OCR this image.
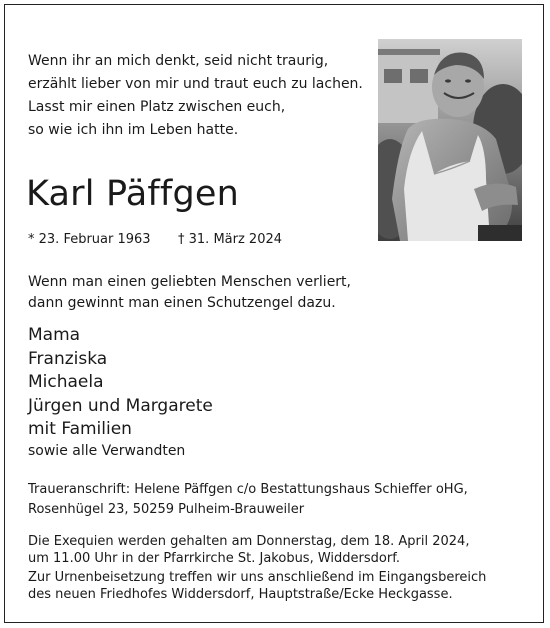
Wenn ihr an mich denkt, seid nicht traurig,
erzählt lieber von mir und traut euch zu lachen.
Lasst mir einen Platz zwischen euch,
so wie ich ihn im Leben hatte.
Karl Päffgen
* 23. Februar 1963 † 31. März 2024
Wenn man einen geliebten Menschen verliert,
dann gewinnt man einen Schutzengel dazu.
Mama
Franziska
Michaela
Jürgen und Margarete
mit Familien
sowie alle Verwandten
Traueranschrift: Helene Päffgen c/o Bestattungshaus Schieffer oHG,
Rosenhügel 23, 50259 Pulheim-Brauweiler
Die Exequien werden gehalten am Donnerstag, dem 18. April 2024,
um 11.00 Uhr in der Pfarrkirche St. Jakobus, Widdersdorf.
Zur Urnenbeisetzung treffen wir uns anschließend im Eingangsbereich
des neuen Friedhofes Widdersdorf, Hauptstraße/Ecke Heckgasse.
